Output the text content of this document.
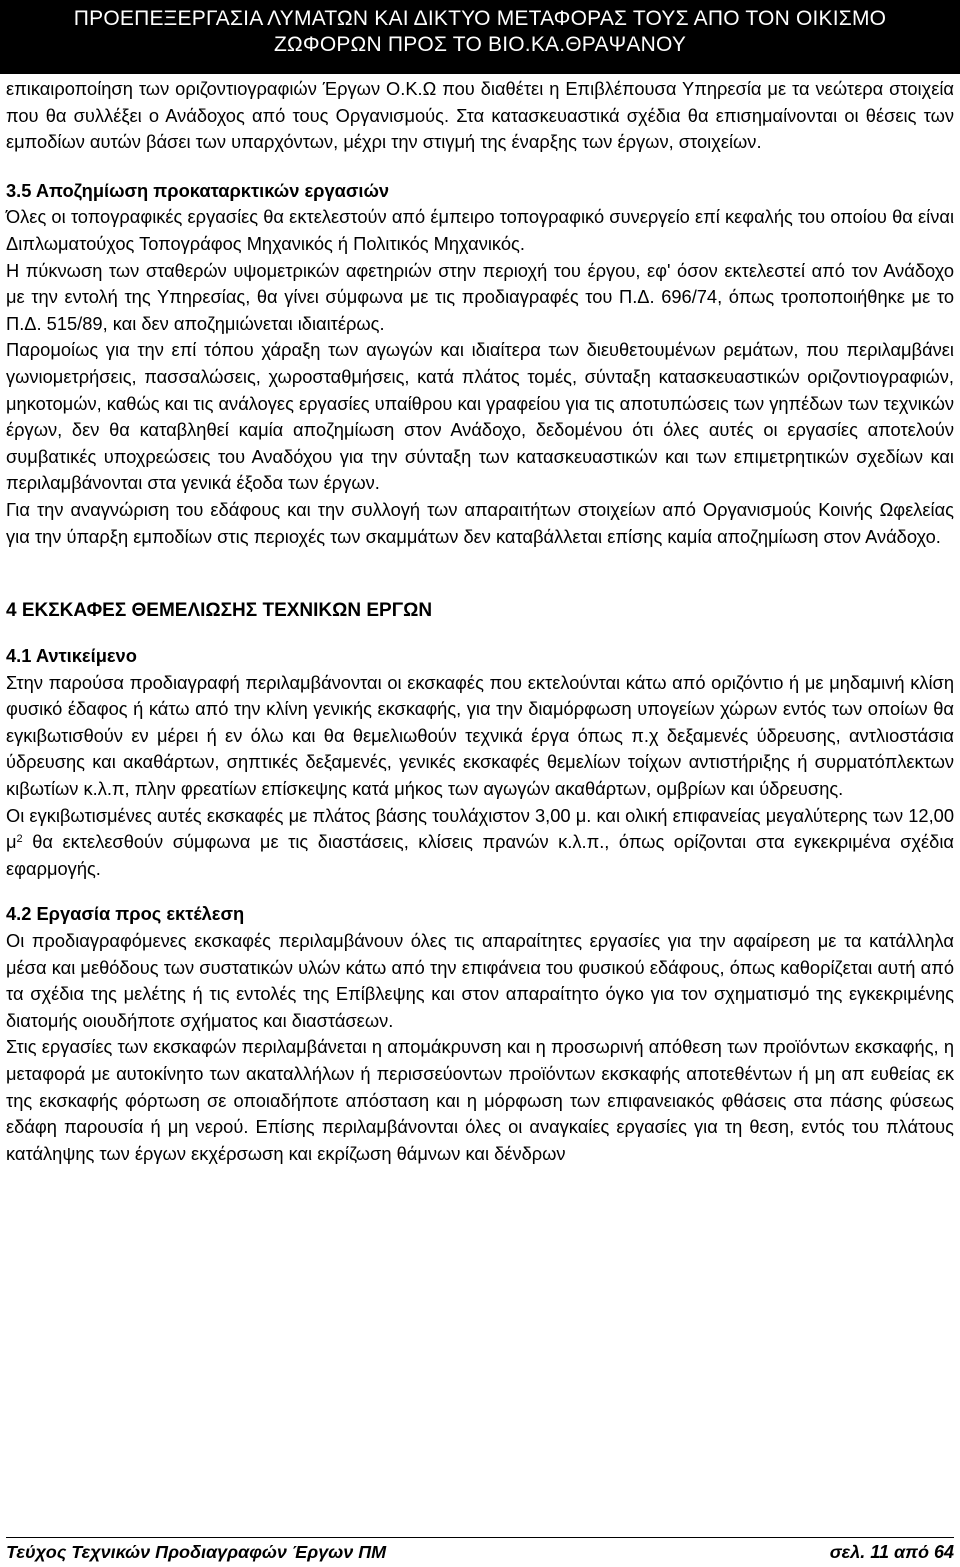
ΠΡΟΕΠΕΞΕΡΓΑΣΙΑ ΛΥΜΑΤΩΝ ΚΑΙ ΔΙΚΤΥΟ ΜΕΤΑΦΟΡΑΣ ΤΟΥΣ ΑΠΟ ΤΟΝ ΟΙΚΙΣΜΟ
ΖΩΦΟΡΩΝ ΠΡΟΣ ΤΟ ΒΙΟ.ΚΑ.ΘΡΑΨΑΝΟΥ

επικαιροποίηση των οριζοντιογραφιών Έργων Ο.Κ.Ω που διαθέτει η Επιβλέπουσα Υπηρεσία με τα νεώτερα στοιχεία που θα συλλέξει ο Ανάδοχος από τους Οργανισμούς. Στα κατασκευαστικά σχέδια θα επισημαίνονται οι θέσεις των εμποδίων αυτών βάσει των υπαρχόντων, μέχρι την στιγμή της έναρξης των έργων, στοιχείων.

3.5 Αποζημίωση προκαταρκτικών εργασιών

Όλες οι τοπογραφικές εργασίες θα εκτελεστούν από έμπειρο τοπογραφικό συνεργείο επί κεφαλής του οποίου θα είναι Διπλωματούχος Τοπογράφος Μηχανικός ή Πολιτικός Μηχανικός.

Η πύκνωση των σταθερών υψομετρικών αφετηριών στην περιοχή του έργου, εφ' όσον εκτελεστεί από τον Ανάδοχο με την εντολή της Υπηρεσίας, θα γίνει σύμφωνα με τις προδιαγραφές του Π.Δ. 696/74, όπως τροποποιήθηκε με το Π.Δ. 515/89, και δεν αποζημιώνεται ιδιαιτέρως.

Παρομοίως για την επί τόπου χάραξη των αγωγών και ιδιαίτερα των διευθετουμένων ρεμάτων, που περιλαμβάνει γωνιομετρήσεις, πασσαλώσεις, χωροσταθμήσεις, κατά πλάτος τομές, σύνταξη κατασκευαστικών οριζοντιογραφιών, μηκοτομών, καθώς και τις ανάλογες εργασίες υπαίθρου και γραφείου για τις αποτυπώσεις των γηπέδων των τεχνικών έργων, δεν θα καταβληθεί καμία αποζημίωση στον Ανάδοχο, δεδομένου ότι όλες αυτές οι εργασίες αποτελούν συμβατικές υποχρεώσεις του Αναδόχου για την σύνταξη των κατασκευαστικών και των επιμετρητικών σχεδίων και περιλαμβάνονται στα γενικά έξοδα των έργων.

Για την αναγνώριση του εδάφους και την συλλογή των απαραιτήτων στοιχείων από Οργανισμούς Κοινής Ωφελείας για την ύπαρξη εμποδίων στις περιοχές των σκαμμάτων δεν καταβάλλεται επίσης καμία αποζημίωση στον Ανάδοχο.

4 ΕΚΣΚΑΦΕΣ ΘΕΜΕΛΙΩΣΗΣ ΤΕΧΝΙΚΩΝ ΕΡΓΩΝ
4.1 Αντικείμενο

Στην παρούσα προδιαγραφή περιλαμβάνονται οι εκσκαφές που εκτελούνται κάτω από οριζόντιο ή με μηδαμινή κλίση φυσικό έδαφος ή κάτω από την κλίνη γενικής εκσκαφής, για την διαμόρφωση υπογείων χώρων εντός των οποίων θα εγκιβωτισθούν εν μέρει ή εν όλω και θα θεμελιωθούν τεχνικά έργα όπως π.χ δεξαμενές ύδρευσης, αντλιοστάσια ύδρευσης και ακαθάρτων, σηπτικές δεξαμενές, γενικές εκσκαφές θεμελίων τοίχων αντιστήριξης ή συρματόπλεκτων κιβωτίων κ.λ.π, πλην φρεατίων επίσκεψης κατά μήκος των αγωγών ακαθάρτων, ομβρίων και ύδρευσης.

Οι εγκιβωτισμένες αυτές εκσκαφές με πλάτος βάσης τουλάχιστον 3,00 μ. και ολική επιφανείας μεγαλύτερης των 12,00 $\mu^2$ θα εκτελεσθούν σύμφωνα με τις διαστάσεις, κλίσεις πρανών κ.λ.π., όπως ορίζονται στα εγκεκριμένα σχέδια εφαρμογής.

4.2 Εργασία προς εκτέλεση

Οι προδιαγραφόμενες εκσκαφές περιλαμβάνουν όλες τις απαραίτητες εργασίες για την αφαίρεση με τα κατάλληλα μέσα και μεθόδους των συστατικών υλών κάτω από την επιφάνεια του φυσικού εδάφους, όπως καθορίζεται αυτή από τα σχέδια της μελέτης ή τις εντολές της Επίβλεψης και στον απαραίτητο όγκο για τον σχηματισμό της εγκεκριμένης διατομής οιουδήποτε σχήματος και διαστάσεων.

Στις εργασίες των εκσκαφών περιλαμβάνεται η απομάκρυνση και η προσωρινή απόθεση των προϊόντων εκσκαφής, η μεταφορά με αυτοκίνητο των ακαταλλήλων ή περισσεύοντων προϊόντων εκσκαφής αποτεθέντων ή μη απ ευθείας εκ της εκσκαφής φόρτωση σε οποιαδήποτε απόσταση και η μόρφωση των επιφανειακός φθάσεις στα πάσης φύσεως εδάφη παρουσία ή μη νερού. Επίσης περιλαμβάνονται όλες οι αναγκαίες εργασίες για τη θεση, εντός του πλάτους κατάληψης των έργων εκχέρσωση και εκρίζωση θάμνων και δένδρων

Τεύχος Τεχνικών Προδιαγραφών Έργων ΠΜ	σελ. 11 από 64
